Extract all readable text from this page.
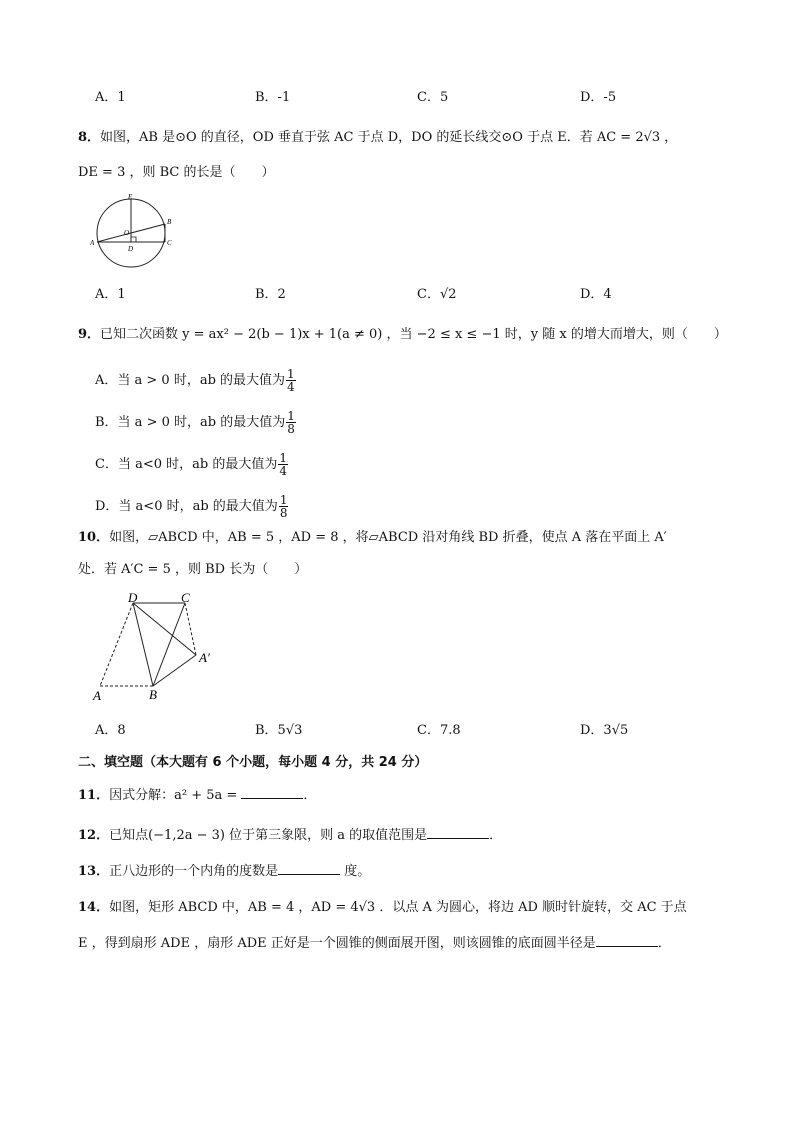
A．1	B．-1	C．5	D．-5
8．如图，AB 是⊙O 的直径，OD 垂直于弦 AC 于点 D，DO 的延长线交⊙O 于点 E．若 AC = 2√3 ，
DE = 3 ，则 BC 的长是（　　）
E
B
O
A
D
C
A．1	B．2	C．√2	D．4
9．已知二次函数 y = ax² − 2(b − 1)x + 1(a ≠ 0) ，当 −2 ≤ x ≤ −1 时，y 随 x 的增大而增大，则（　　）
A．当 a > 0 时，ab 的最大值为 $\frac{1}{4}$
B．当 a > 0 时，ab 的最大值为 $\frac{1}{8}$
C．当 a<0 时，ab 的最大值为 $\frac{1}{4}$
D．当 a<0 时，ab 的最大值为 $\frac{1}{8}$
10．如图，▱ABCD 中，AB = 5 ，AD = 8 ，将▱ABCD 沿对角线 BD 折叠，使点 A 落在平面上 A′
处．若 A′C = 5 ，则 BD 长为（　　）
D	C
A′
A	B
A．8	B．5√3	C．7.8	D．3√5
二、填空题（本大题有 6 个小题，每小题 4 分，共 24 分）
11．因式分解：a² + 5a =	．
12．已知点(−1,2a − 3) 位于第三象限，则 a 的取值范围是	．
13．正八边形的一个内角的度数是	度。
14．如图，矩形 ABCD 中，AB = 4 ，AD = 4√3 ．以点 A 为圆心，将边 AD 顺时针旋转，交 AC 于点
E ，得到扇形 ADE ，扇形 ADE 正好是一个圆锥的侧面展开图，则该圆锥的底面圆半径是	．
